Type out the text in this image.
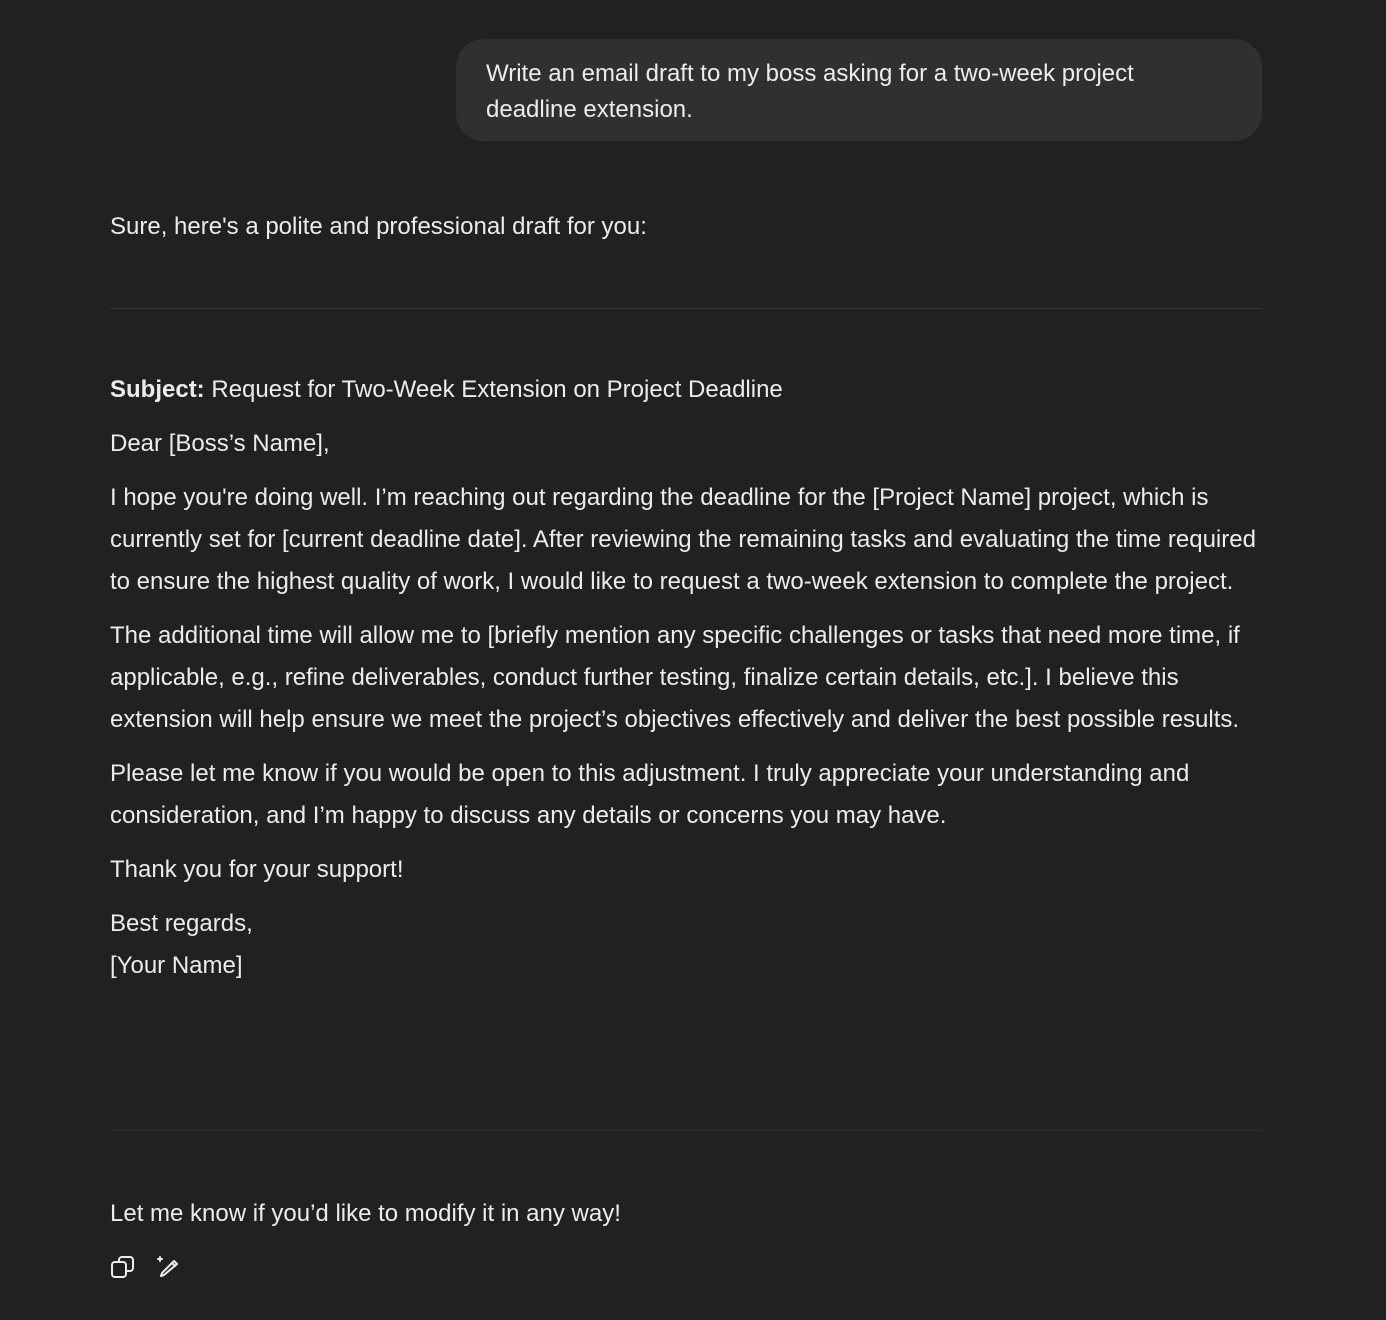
Write an email draft to my boss asking for a two-week project
deadline extension.
Sure, here's a polite and professional draft for you:

Subject: Request for Two-Week Extension on Project Deadline

Dear [Boss’s Name],

I hope you're doing well. I’m reaching out regarding the deadline for the [Project Name] project, which is currently set for [current deadline date]. After reviewing the remaining tasks and evaluating the time required to ensure the highest quality of work, I would like to request a two-week extension to complete the project.

The additional time will allow me to [briefly mention any specific challenges or tasks that need more time, if applicable, e.g., refine deliverables, conduct further testing, finalize certain details, etc.]. I believe this extension will help ensure we meet the project’s objectives effectively and deliver the best possible results.

Please let me know if you would be open to this adjustment. I truly appreciate your understanding and consideration, and I’m happy to discuss any details or concerns you may have.

Thank you for your support!

Best regards,
[Your Name]

Let me know if you’d like to modify it in any way!
